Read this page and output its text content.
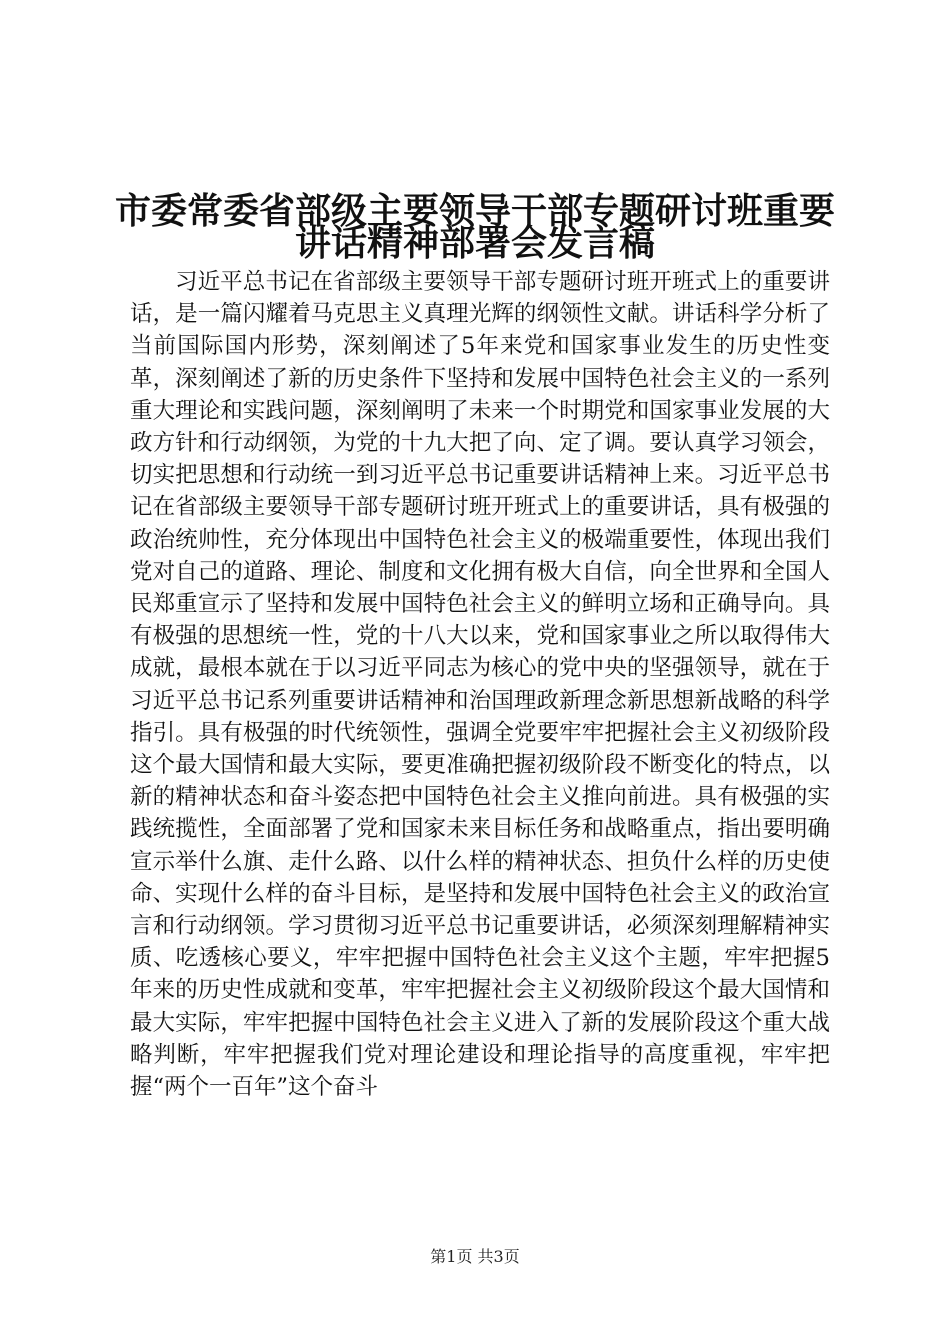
市委常委省部级主要领导干部专题研讨班重要
讲话精神部署会发言稿

习近平总书记在省部级主要领导干部专题研讨班开班式上的重要讲话，是一篇闪耀着马克思主义真理光辉的纲领性文献。讲话科学分析了当前国际国内形势，深刻阐述了5年来党和国家事业发生的历史性变革，深刻阐述了新的历史条件下坚持和发展中国特色社会主义的一系列重大理论和实践问题，深刻阐明了未来一个时期党和国家事业发展的大政方针和行动纲领，为党的十九大把了向、定了调。要认真学习领会，切实把思想和行动统一到习近平总书记重要讲话精神上来。习近平总书记在省部级主要领导干部专题研讨班开班式上的重要讲话，具有极强的政治统帅性，充分体现出中国特色社会主义的极端重要性，体现出我们党对自己的道路、理论、制度和文化拥有极大自信，向全世界和全国人民郑重宣示了坚持和发展中国特色社会主义的鲜明立场和正确导向。具有极强的思想统一性，党的十八大以来，党和国家事业之所以取得伟大成就，最根本就在于以习近平同志为核心的党中央的坚强领导，就在于习近平总书记系列重要讲话精神和治国理政新理念新思想新战略的科学指引。具有极强的时代统领性，强调全党要牢牢把握社会主义初级阶段这个最大国情和最大实际，要更准确把握初级阶段不断变化的特点，以新的精神状态和奋斗姿态把中国特色社会主义推向前进。具有极强的实践统揽性，全面部署了党和国家未来目标任务和战略重点，指出要明确宣示举什么旗、走什么路、以什么样的精神状态、担负什么样的历史使命、实现什么样的奋斗目标，是坚持和发展中国特色社会主义的政治宣言和行动纲领。学习贯彻习近平总书记重要讲话，必须深刻理解精神实质、吃透核心要义，牢牢把握中国特色社会主义这个主题，牢牢把握5年来的历史性成就和变革，牢牢把握社会主义初级阶段这个最大国情和最大实际，牢牢把握中国特色社会主义进入了新的发展阶段这个重大战略判断，牢牢把握我们党对理论建设和理论指导的高度重视，牢牢把握“两个一百年”这个奋斗

第1页 共3页
